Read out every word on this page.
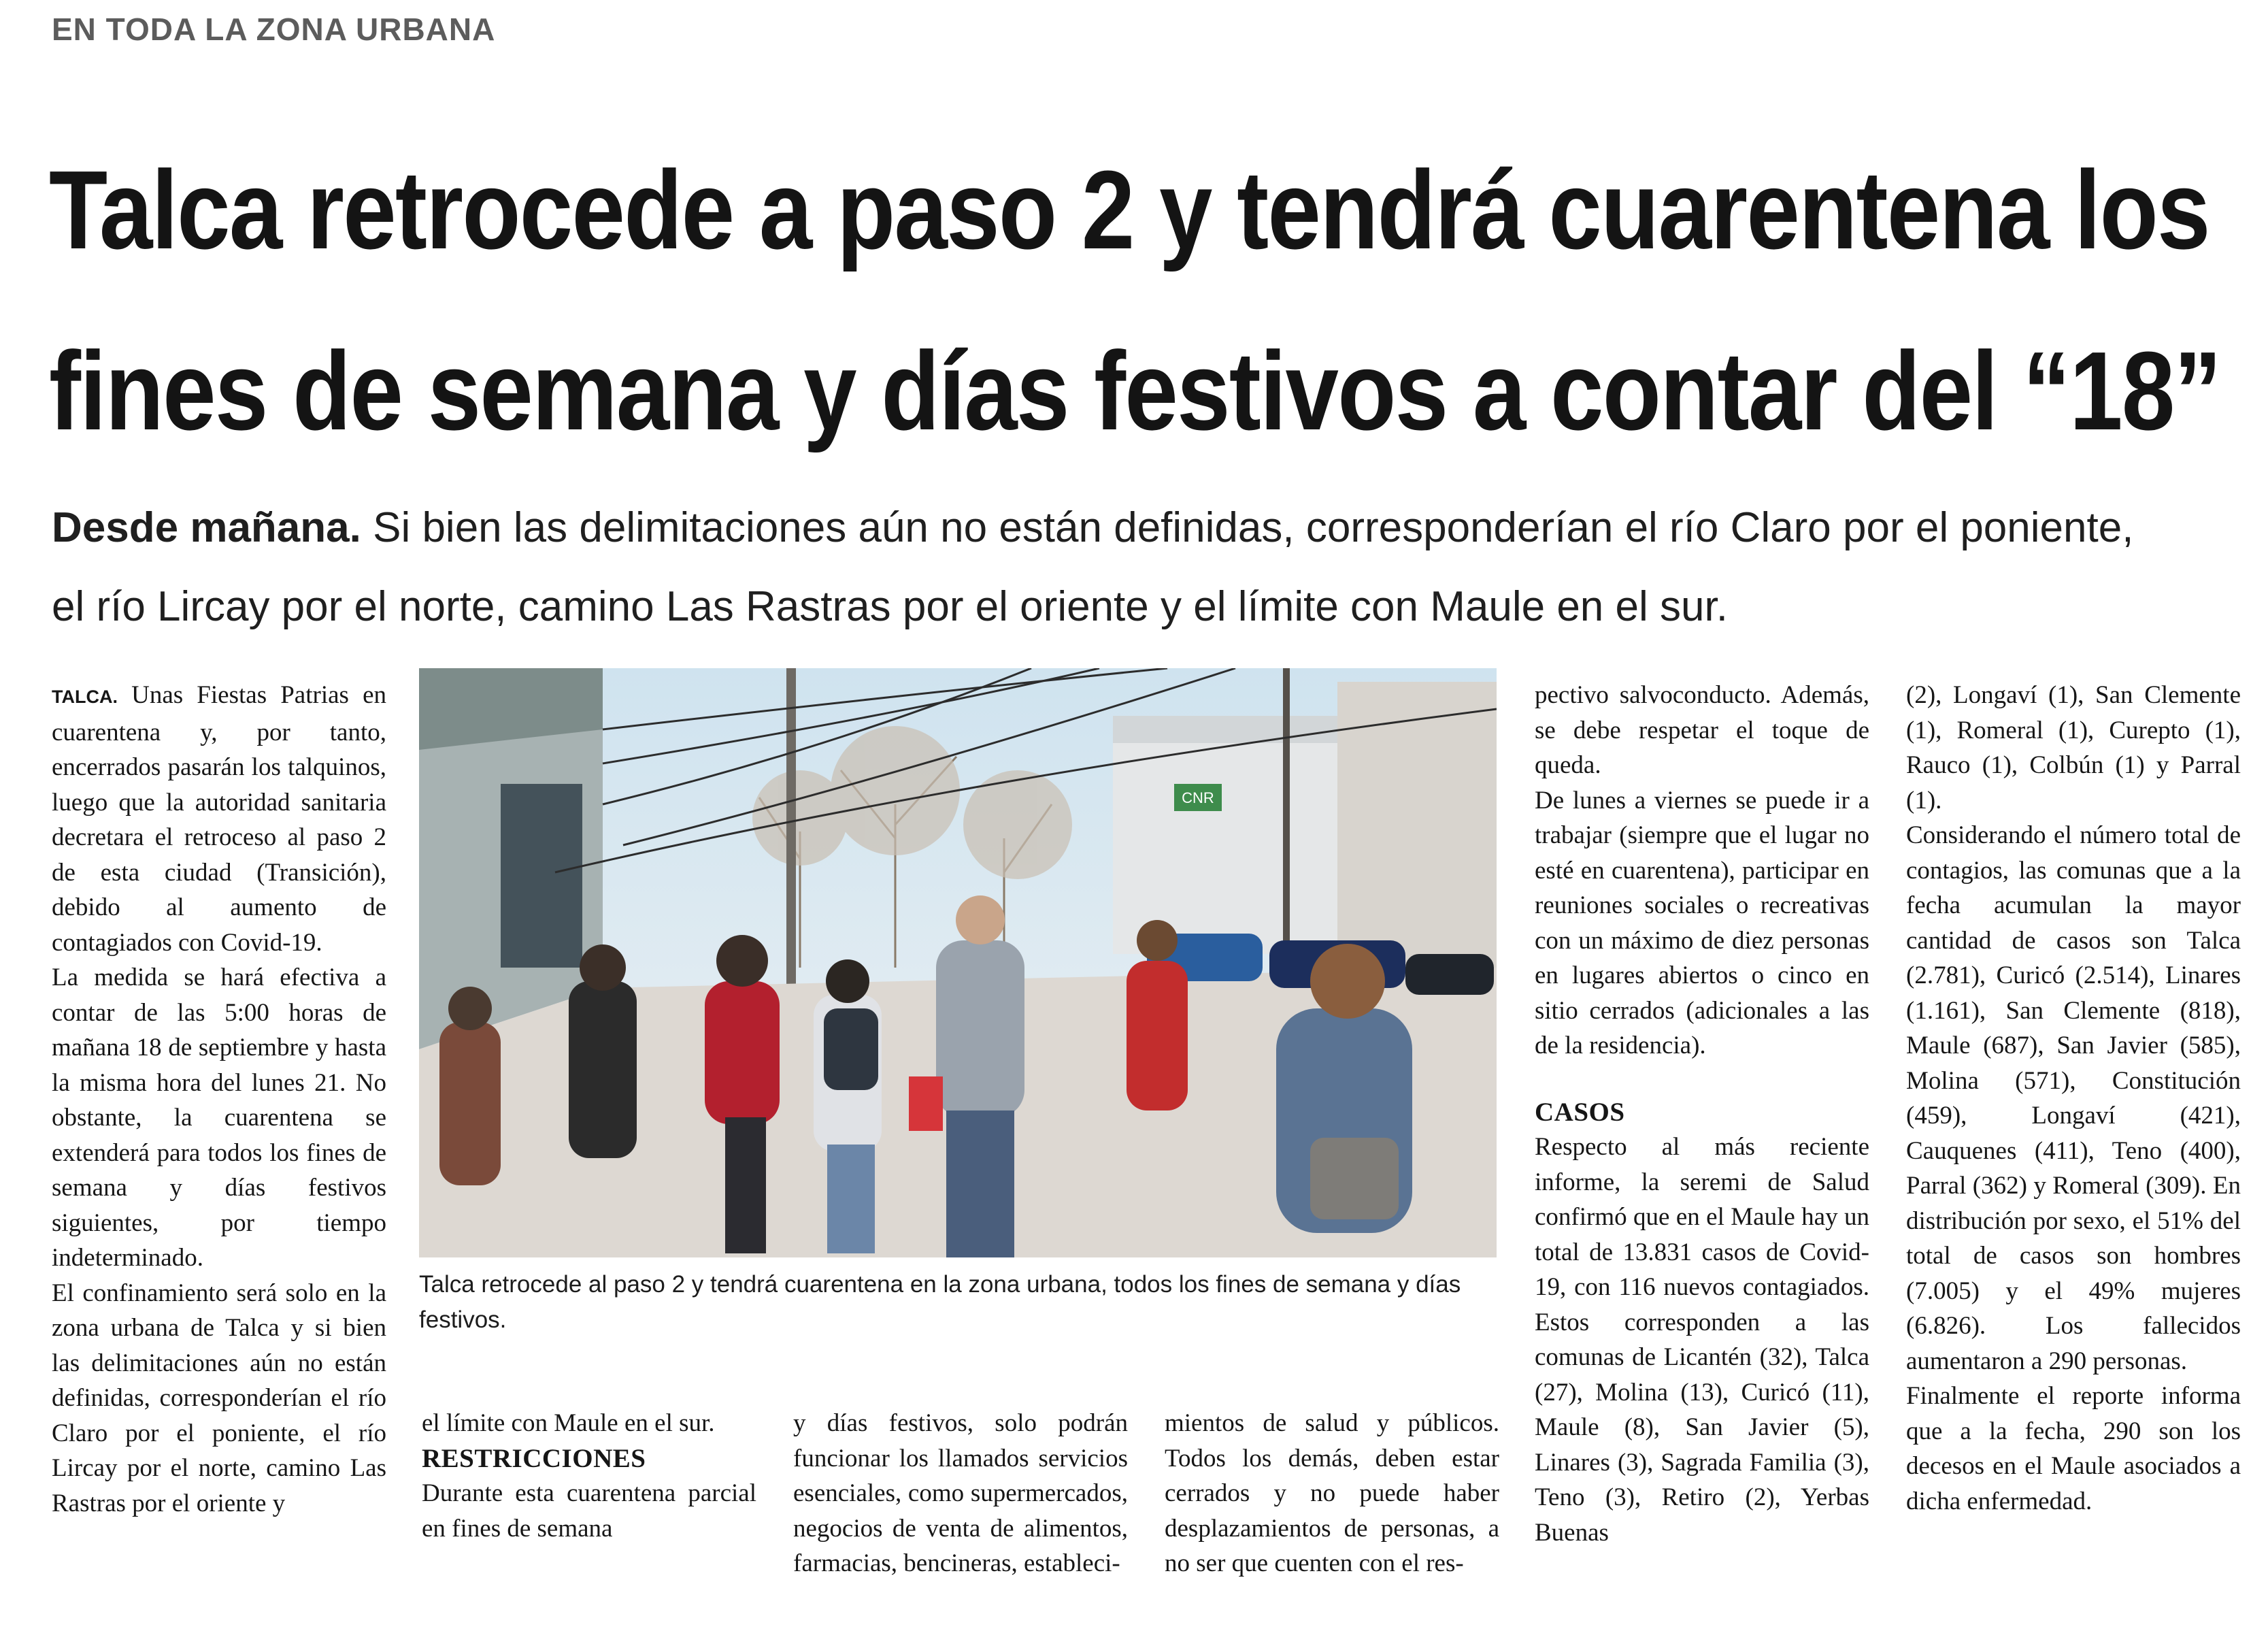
EN TODA LA ZONA URBANA
Talca retrocede a paso 2 y tendrá cuarentena los
fines de semana y días festivos a contar del “18”
Desde mañana. Si bien las delimitaciones aún no están definidas, corresponderían el río Claro por el poniente,
el río Lircay por el norte, camino Las Rastras por el oriente y el límite con Maule en el sur.

TALCA. Unas Fiestas Patrias en cuarentena y, por tanto, encerrados pasarán los talquinos, luego que la autoridad sanitaria decretara el retroceso al paso 2 de esta ciudad (Transición), debido al aumento de contagiados con Covid-19.

La medida se hará efectiva a contar de las 5:00 horas de mañana 18 de septiembre y hasta la misma hora del lunes 21. No obstante, la cuarentena se extenderá para todos los fines de semana y días festivos siguientes, por tiempo indeterminado.

El confinamiento será solo en la zona urbana de Talca y si bien las delimitaciones aún no están definidas, corresponderían el río Claro por el poniente, el río Lircay por el norte, camino Las Rastras por el oriente y

CNR
Talca retrocede al paso 2 y tendrá cuarentena en la zona urbana, todos los fines de semana y días festivos.

el límite con Maule en el sur.

RESTRICCIONES

Durante esta cuarentena parcial en fines de semana

y días festivos, solo podrán funcionar los llamados servicios esenciales, como supermercados, negocios de venta de alimentos, farmacias, bencineras, estableci-

mientos de salud y públicos. Todos los demás, deben estar cerrados y no puede haber desplazamientos de personas, a no ser que cuenten con el res-

pectivo salvoconducto. Además, se debe respetar el toque de queda.

De lunes a viernes se puede ir a trabajar (siempre que el lugar no esté en cuarentena), participar en reuniones sociales o recreativas con un máximo de diez personas en lugares abiertos o cinco en sitio cerrados (adicionales a las de la residencia).

CASOS

Respecto al más reciente informe, la seremi de Salud confirmó que en el Maule hay un total de 13.831 casos de Covid-19, con 116 nuevos contagiados. Estos corresponden a las comunas de Licantén (32), Talca (27), Molina (13), Curicó (11), Maule (8), San Javier (5), Linares (3), Sagrada Familia (3), Teno (3), Retiro (2), Yerbas Buenas

(2), Longaví (1), San Clemente (1), Romeral (1), Curepto (1), Rauco (1), Colbún (1) y Parral (1).

Considerando el número total de contagios, las comunas que a la fecha acumulan la mayor cantidad de casos son Talca (2.781), Curicó (2.514), Linares (1.161), San Clemente (818), Maule (687), San Javier (585), Molina (571), Constitución (459), Longaví (421), Cauquenes (411), Teno (400), Parral (362) y Romeral (309). En distribución por sexo, el 51% del total de casos son hombres (7.005) y el 49% mujeres (6.826). Los fallecidos aumentaron a 290 personas.

Finalmente el reporte informa que a la fecha, 290 son los decesos en el Maule asociados a dicha enfermedad.
